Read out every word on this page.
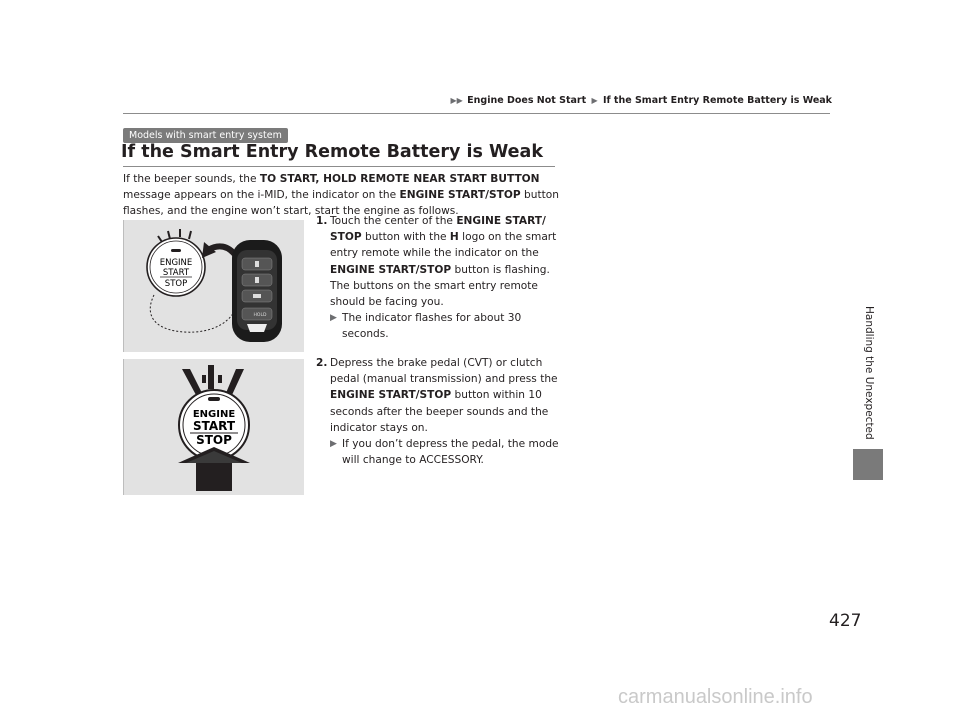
▶▶ Engine Does Not Start ▶ If the Smart Entry Remote Battery is Weak
Models with smart entry system
If the Smart Entry Remote Battery is Weak
If the beeper sounds, the TO START, HOLD REMOTE NEAR START BUTTON message appears on the i-MID, the indicator on the ENGINE START/STOP button flashes, and the engine won’t start, start the engine as follows.
ENGINE
START
STOP
HOLD
1. Touch the center of the ENGINE START/ STOP button with the H logo on the smart entry remote while the indicator on the ENGINE START/STOP button is flashing. The buttons on the smart entry remote should be facing you.
▶ The indicator flashes for about 30 seconds.
ENGINE
START
STOP
2. Depress the brake pedal (CVT) or clutch pedal (manual transmission) and press the ENGINE START/STOP button within 10 seconds after the beeper sounds and the indicator stays on.
▶ If you don’t depress the pedal, the mode will change to ACCESSORY.
Handling the Unexpected
427
carmanualsonline.info
